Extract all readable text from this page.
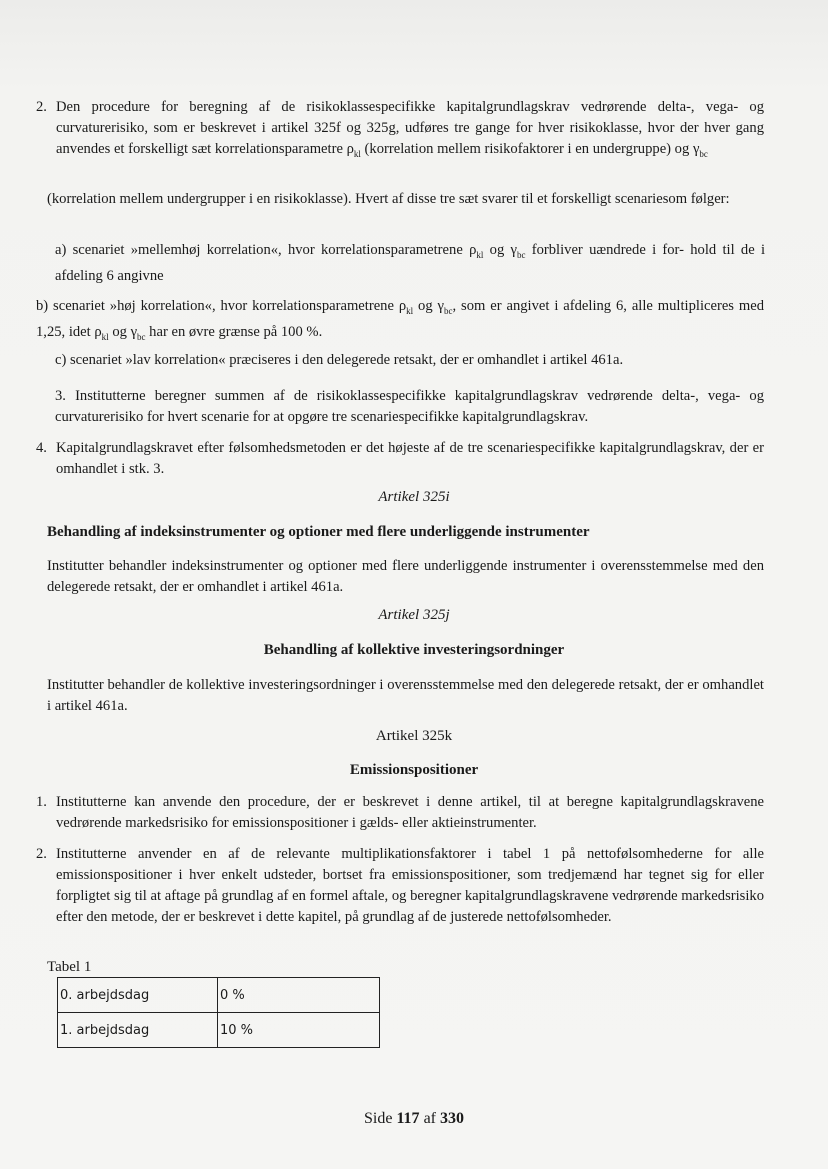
2. Den procedure for beregning af de risikoklassespecifikke kapitalgrundlagskrav vedrørende delta-, vega- og curvaturerisiko, som er beskrevet i artikel 325f og 325g, udføres tre gange for hver risikoklasse, hvor der hver gang anvendes et forskelligt sæt korrelationsparametre $\rho_{kl}$ (korrelation mellem risikofaktorer i en undergruppe) og $\gamma_{bc}$

(korrelation mellem undergrupper i en risikoklasse). Hvert af disse tre sæt svarer til et forskelligt scenariesom følger:

a) scenariet »mellemhøj korrelation«, hvor korrelationsparametrene $\rho_{kl}$ og $\gamma_{bc}$ forbliver uændrede i for- hold til de i afdeling 6 angivne

b) scenariet »høj korrelation«, hvor korrelationsparametrene $\rho_{kl}$ og $\gamma_{bc}$, som er angivet i afdeling 6, alle multipliceres med 1,25, idet $\rho_{kl}$ og $\gamma_{bc}$ har en øvre grænse på 100 %.

c) scenariet »lav korrelation« præciseres i den delegerede retsakt, der er omhandlet i artikel 461a.

3. Institutterne beregner summen af de risikoklassespecifikke kapitalgrundlagskrav vedrørende delta-, vega- og curvaturerisiko for hvert scenarie for at opgøre tre scenariespecifikke kapitalgrundlagskrav.

4. Kapitalgrundlagskravet efter følsomhedsmetoden er det højeste af de tre scenariespecifikke kapitalgrundlagskrav, der er omhandlet i stk. 3.

Artikel 325i
Behandling af indeksinstrumenter og optioner med flere underliggende instrumenter

Institutter behandler indeksinstrumenter og optioner med flere underliggende instrumenter i overensstemmelse med den delegerede retsakt, der er omhandlet i artikel 461a.

Artikel 325j
Behandling af kollektive investeringsordninger

Institutter behandler de kollektive investeringsordninger i overensstemmelse med den delegerede retsakt, der er omhandlet i artikel 461a.

Artikel 325k
Emissionspositioner
1. Institutterne kan anvende den procedure, der er beskrevet i denne artikel, til at beregne kapitalgrundlagskravene vedrørende markedsrisiko for emissionspositioner i gælds- eller aktieinstrumenter.

2. Institutterne anvender en af de relevante multiplikationsfaktorer i tabel 1 på nettofølsomhederne for alle emissionspositioner i hver enkelt udsteder, bortset fra emissionspositioner, som tredjemænd har tegnet sig for eller forpligtet sig til at aftage på grundlag af en formel aftale, og beregner kapitalgrundlagskravene vedrørende markedsrisiko efter den metode, der er beskrevet i dette kapitel, på grundlag af de justerede nettofølsomheder.

Tabel 1
0. arbejdsdag	0 %
1. arbejdsdag	10 %
Side 117 af 330
